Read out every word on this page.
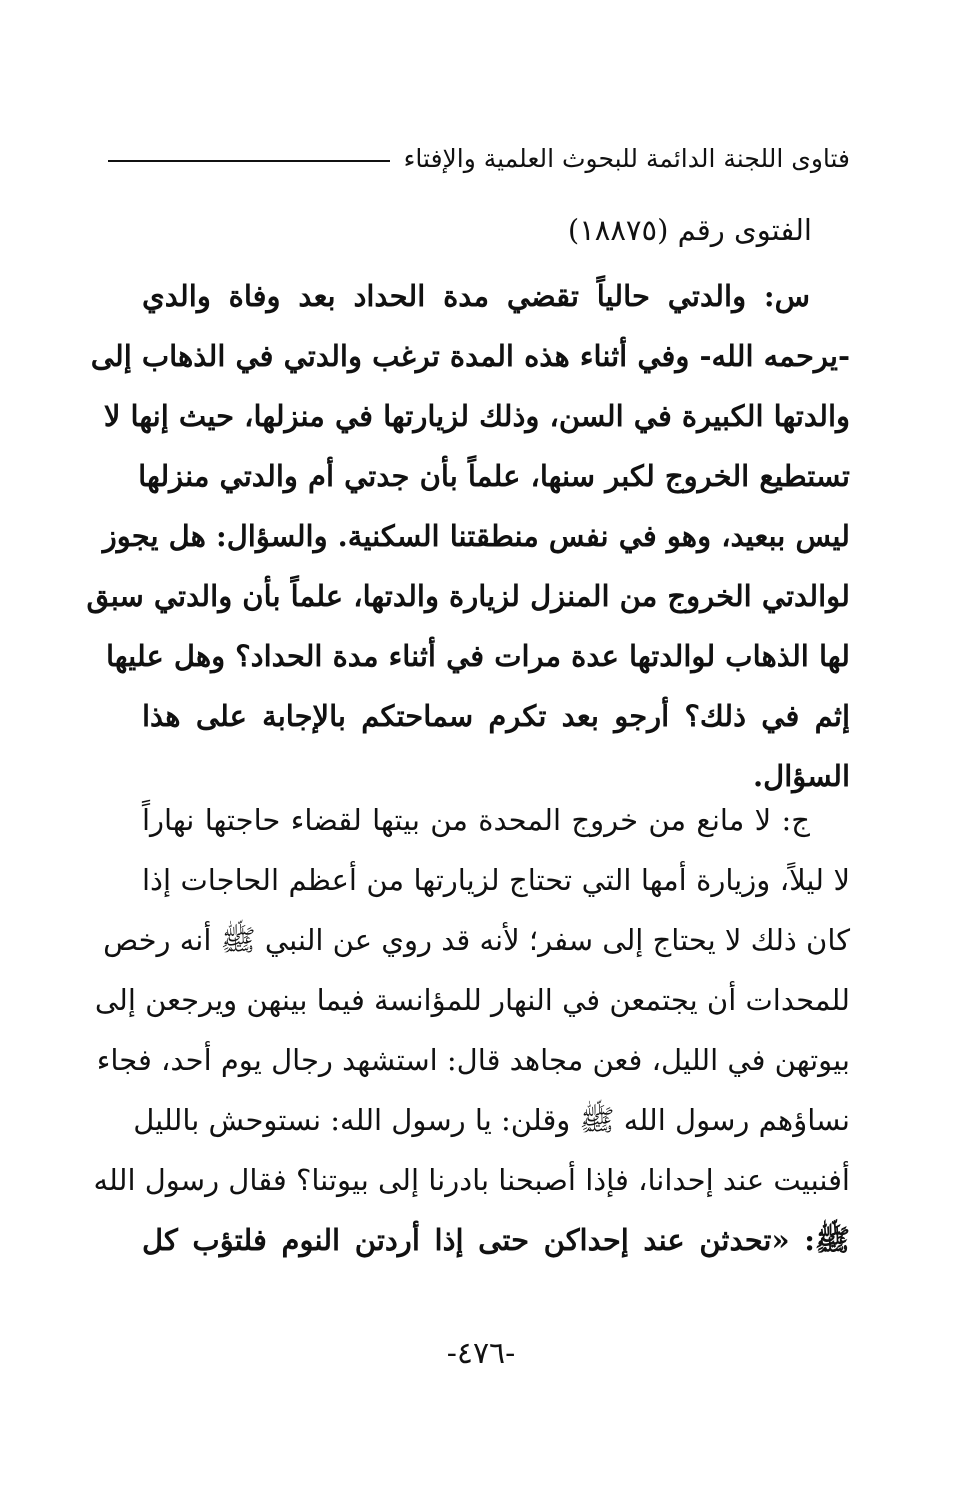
فتاوى اللجنة الدائمة للبحوث العلمية والإفتاء
الفتوى رقم (١٨٨٧٥)
س: والدتي حالياً تقضي مدة الحداد بعد وفاة والدي
-يرحمه الله- وفي أثناء هذه المدة ترغب والدتي في الذهاب إلى
والدتها الكبيرة في السن، وذلك لزيارتها في منزلها، حيث إنها لا
تستطيع الخروج لكبر سنها، علماً بأن جدتي أم والدتي منزلها
ليس ببعيد، وهو في نفس منطقتنا السكنية. والسؤال: هل يجوز
لوالدتي الخروج من المنزل لزيارة والدتها، علماً بأن والدتي سبق
لها الذهاب لوالدتها عدة مرات في أثناء مدة الحداد؟ وهل عليها
إثم في ذلك؟ أرجو بعد تكرم سماحتكم بالإجابة على هذا
السؤال.
ج: لا مانع من خروج المحدة من بيتها لقضاء حاجتها نهاراً
لا ليلاً، وزيارة أمها التي تحتاج لزيارتها من أعظم الحاجات إذا
كان ذلك لا يحتاج إلى سفر؛ لأنه قد روي عن النبي ﷺ أنه رخص
للمحدات أن يجتمعن في النهار للمؤانسة فيما بينهن ويرجعن إلى
بيوتهن في الليل، فعن مجاهد قال: استشهد رجال يوم أحد، فجاء
نساؤهم رسول الله ﷺ وقلن: يا رسول الله: نستوحش بالليل
أفنبيت عند إحدانا، فإذا أصبحنا بادرنا إلى بيوتنا؟ فقال رسول الله
ﷺ: «تحدثن عند إحداكن حتى إذا أردتن النوم فلتؤب كل
-٤٧٦-
